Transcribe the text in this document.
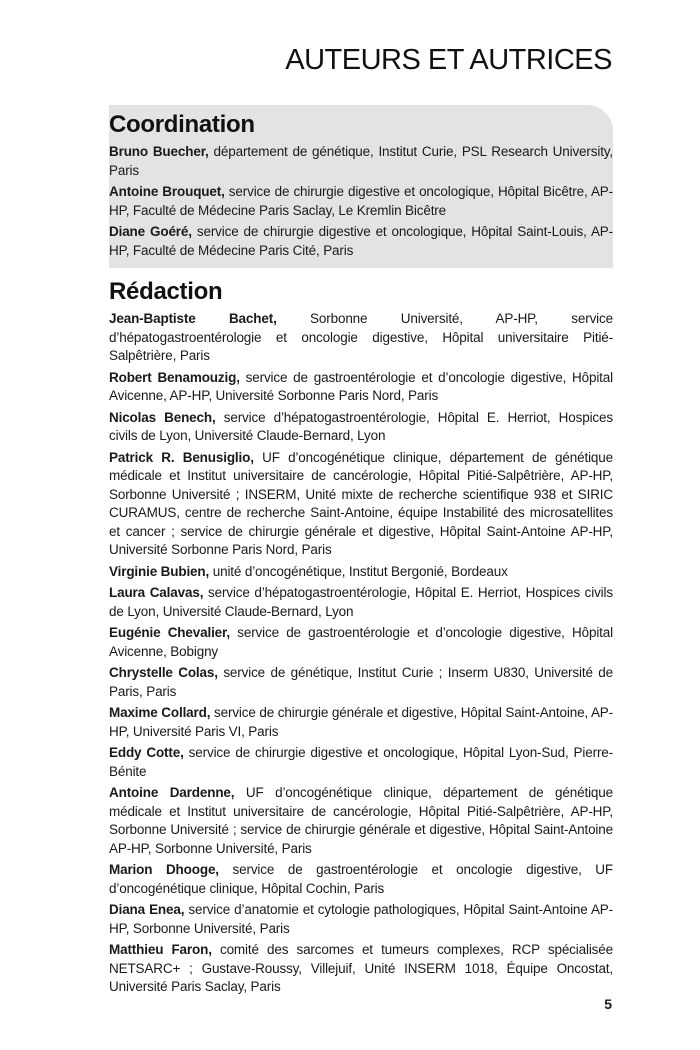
AUTEURS ET AUTRICES
Coordination
Bruno Buecher, département de génétique, Institut Curie, PSL Research University, Paris
Antoine Brouquet, service de chirurgie digestive et oncologique, Hôpital Bicêtre, AP-HP, Faculté de Médecine Paris Saclay, Le Kremlin Bicêtre
Diane Goéré, service de chirurgie digestive et oncologique, Hôpital Saint-Louis, AP-HP, Faculté de Médecine Paris Cité, Paris
Rédaction
Jean-Baptiste Bachet, Sorbonne Université, AP-HP, service d’hépatogastroentérologie et oncologie digestive, Hôpital universitaire Pitié-Salpêtrière, Paris
Robert Benamouzig, service de gastroentérologie et d’oncologie digestive, Hôpital Avicenne, AP-HP, Université Sorbonne Paris Nord, Paris
Nicolas Benech, service d’hépatogastroentérologie, Hôpital E. Herriot, Hospices civils de Lyon, Université Claude-Bernard, Lyon
Patrick R. Benusiglio, UF d’oncogénétique clinique, département de génétique médicale et Institut universitaire de cancérologie, Hôpital Pitié-Salpêtrière, AP-HP, Sorbonne Université ; INSERM, Unité mixte de recherche scientifique 938 et SIRIC CURAMUS, centre de recherche Saint-Antoine, équipe Instabilité des microsatellites et cancer ; service de chirurgie générale et digestive, Hôpital Saint-Antoine AP-HP, Université Sorbonne Paris Nord, Paris
Virginie Bubien, unité d’oncogénétique, Institut Bergonié, Bordeaux
Laura Calavas, service d’hépatogastroentérologie, Hôpital E. Herriot, Hospices civils de Lyon, Université Claude-Bernard, Lyon
Eugénie Chevalier, service de gastroentérologie et d’oncologie digestive, Hôpital Avicenne, Bobigny
Chrystelle Colas, service de génétique, Institut Curie ; Inserm U830, Université de Paris, Paris
Maxime Collard, service de chirurgie générale et digestive, Hôpital Saint-Antoine, AP-HP, Université Paris VI, Paris
Eddy Cotte, service de chirurgie digestive et oncologique, Hôpital Lyon-Sud, Pierre-Bénite
Antoine Dardenne, UF d’oncogénétique clinique, département de génétique médicale et Institut universitaire de cancérologie, Hôpital Pitié-Salpêtrière, AP-HP, Sorbonne Université ; service de chirurgie générale et digestive, Hôpital Saint-Antoine AP-HP, Sorbonne Université, Paris
Marion Dhooge, service de gastroentérologie et oncologie digestive, UF d’oncogénétique clinique, Hôpital Cochin, Paris
Diana Enea, service d’anatomie et cytologie pathologiques, Hôpital Saint-Antoine AP-HP, Sorbonne Université, Paris
Matthieu Faron, comité des sarcomes et tumeurs complexes, RCP spécialisée NETSARC+ ; Gustave-Roussy, Villejuif, Unité INSERM 1018, Équipe Oncostat, Université Paris Saclay, Paris
5
